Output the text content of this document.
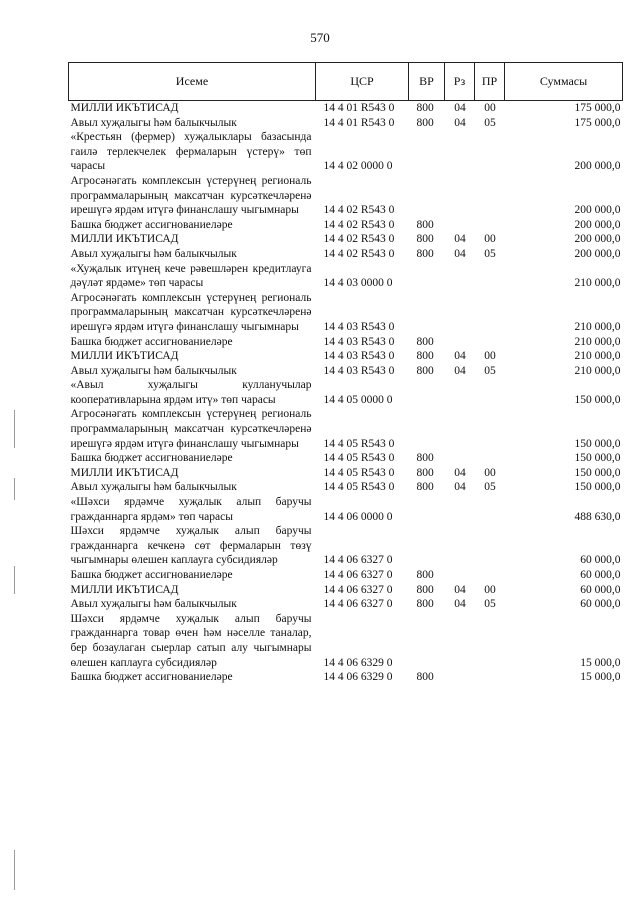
570
Исеме	ЦСР	ВР	Рз	ПР	Суммасы
МИЛЛИ ИКЪТИСАД	14 4 01 R543 0	800	04	00	175 000,0
Авыл хуҗалыгы һәм балыкчылык	14 4 01 R543 0	800	04	05	175 000,0
«Крестьян (фермер) хуҗалыклары базасында гаилә терлекчелек фермаларын үстерү» төп чарасы	14 4 02 0000 0				200 000,0
Агросәнәгать комплексын үстерүнең региональ программаларының максатчан курсәткечләренә ирешүгә ярдәм итүгә финанслашу чыгымнары	14 4 02 R543 0				200 000,0
Башка бюджет ассигнованиеләре	14 4 02 R543 0	800			200 000,0
МИЛЛИ ИКЪТИСАД	14 4 02 R543 0	800	04	00	200 000,0
Авыл хуҗалыгы һәм балыкчылык	14 4 02 R543 0	800	04	05	200 000,0
«Хуҗалык итүнең кече рәвешләрен кредитлауга дәүләт ярдәме» төп чарасы	14 4 03 0000 0				210 000,0
Агросәнәгать комплексын үстерүнең региональ программаларының максатчан курсәткечләренә ирешүгә ярдәм итүгә финанслашу чыгымнары	14 4 03 R543 0				210 000,0
Башка бюджет ассигнованиеләре	14 4 03 R543 0	800			210 000,0
МИЛЛИ ИКЪТИСАД	14 4 03 R543 0	800	04	00	210 000,0
Авыл хуҗалыгы һәм балыкчылык	14 4 03 R543 0	800	04	05	210 000,0
«Авыл хуҗалыгы кулланучылар кооперативларына ярдәм итү» төп чарасы	14 4 05 0000 0				150 000,0
Агросәнәгать комплексын үстерүнең региональ программаларының максатчан курсәткечләренә ирешүгә ярдәм итүгә финанслашу чыгымнары	14 4 05 R543 0				150 000,0
Башка бюджет ассигнованиеләре	14 4 05 R543 0	800			150 000,0
МИЛЛИ ИКЪТИСАД	14 4 05 R543 0	800	04	00	150 000,0
Авыл хуҗалыгы һәм балыкчылык	14 4 05 R543 0	800	04	05	150 000,0
«Шәхси ярдәмче хуҗалык алып баручы гражданнарга ярдәм» төп чарасы	14 4 06 0000 0				488 630,0
Шәхси ярдәмче хуҗалык алып баручы гражданнарга кечкенә сөт фермаларын төзү чыгымнары өлешен каплауга субсидияләр	14 4 06 6327 0				60 000,0
Башка бюджет ассигнованиеләре	14 4 06 6327 0	800			60 000,0
МИЛЛИ ИКЪТИСАД	14 4 06 6327 0	800	04	00	60 000,0
Авыл хуҗалыгы һәм балыкчылык	14 4 06 6327 0	800	04	05	60 000,0
Шәхси ярдәмче хуҗалык алып баручы гражданнарга товар өчен һәм нәселле таналар, бер бозаулаган сыерлар сатып алу чыгымнары өлешен каплауга субсидияләр	14 4 06 6329 0				15 000,0
Башка бюджет ассигнованиеләре	14 4 06 6329 0	800			15 000,0
